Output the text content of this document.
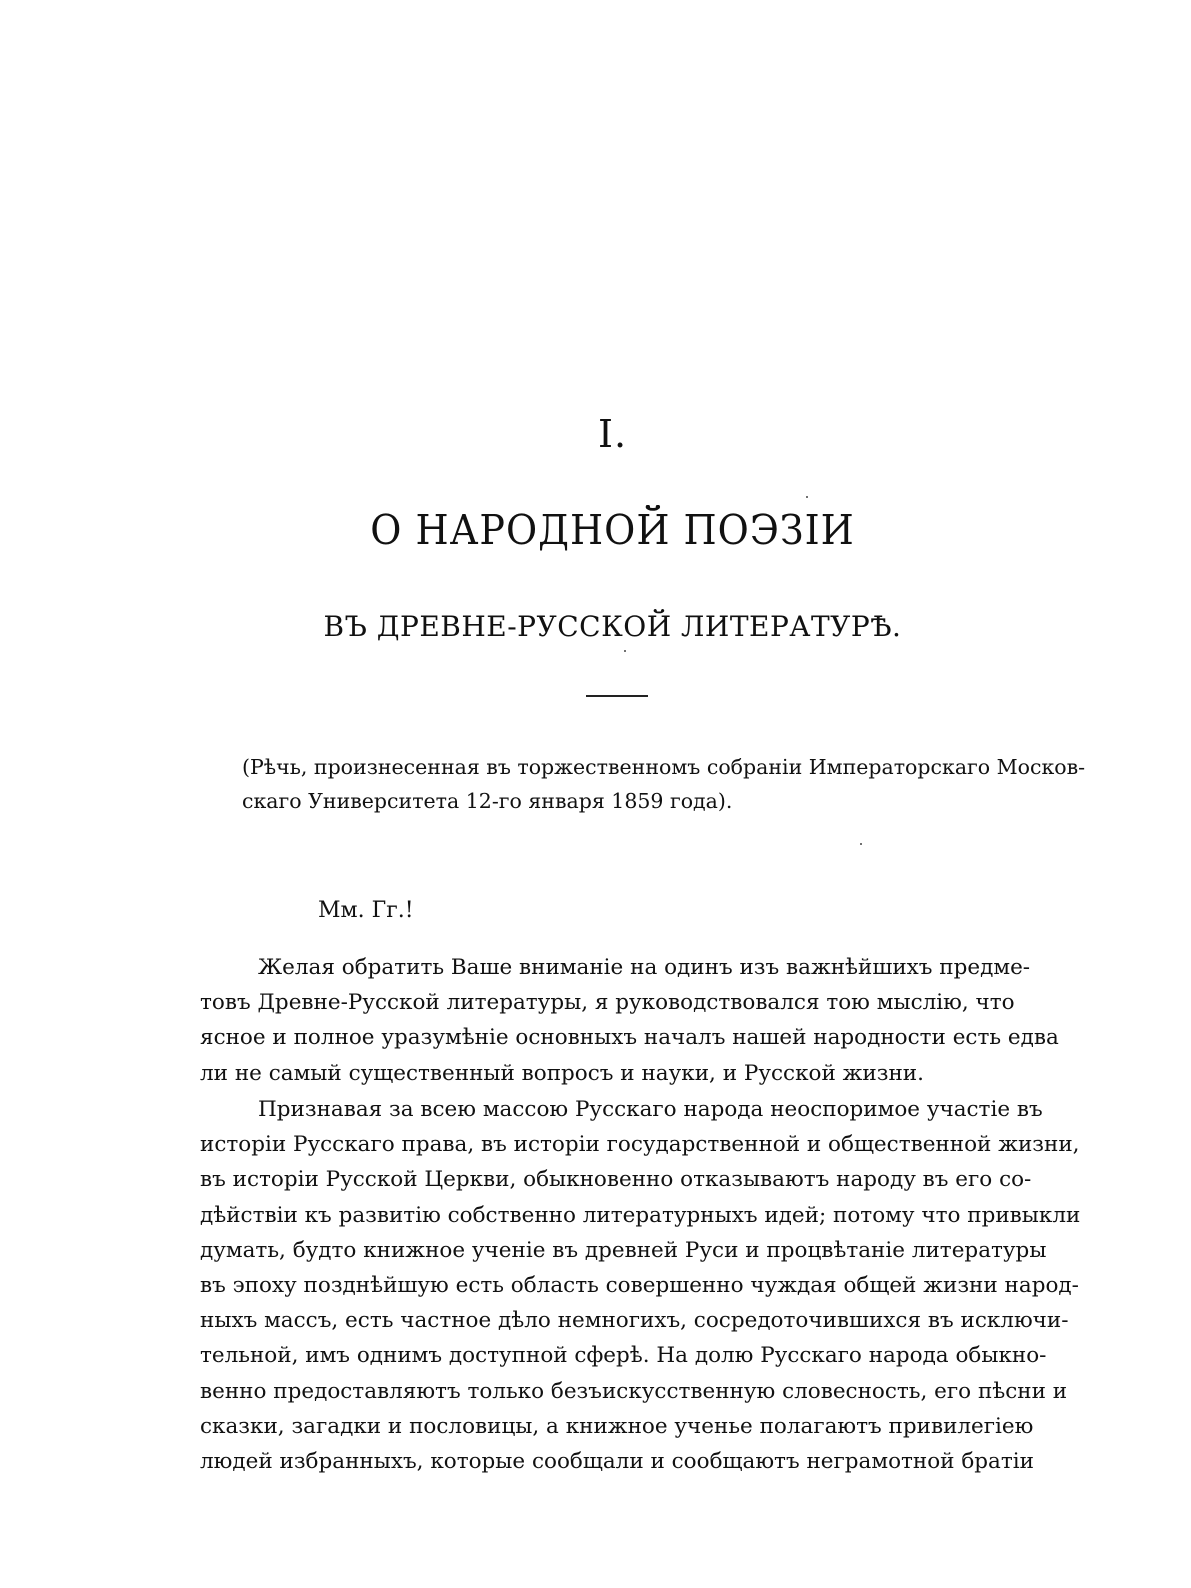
I.
О НАРОДНОЙ ПОЭЗІИ
ВЪ ДРЕВНЕ-РУССКОЙ ЛИТЕРАТУРѢ.
(Рѣчь, произнесенная въ торжественномъ собраніи Императорскаго Москов-
скаго Университета 12-го января 1859 года).
Мм. Гг.!
Желая обратить Ваше вниманіе на одинъ изъ важнѣйшихъ предме-
товъ Древне-Русской литературы, я руководствовался тою мыслію, что
ясное и полное уразумѣніе основныхъ началъ нашей народности есть едва
ли не самый существенный вопросъ и науки, и Русской жизни.
Признавая за всею массою Русскаго народа неоспоримое участіе въ
исторіи Русскаго права, въ исторіи государственной и общественной жизни,
въ исторіи Русской Церкви, обыкновенно отказываютъ народу въ его со-
дѣйствіи къ развитію собственно литературныхъ идей; потому что привыкли
думать, будто книжное ученіе въ древней Руси и процвѣтаніе литературы
въ эпоху позднѣйшую есть область совершенно чуждая общей жизни народ-
ныхъ массъ, есть частное дѣло немногихъ, сосредоточившихся въ исключи-
тельной, имъ однимъ доступной сферѣ. На долю Русскаго народа обыкно-
венно предоставляютъ только безъискусственную словесность, его пѣсни и
сказки, загадки и пословицы, а книжное ученье полагаютъ привилегіею
людей избранныхъ, которые сообщали и сообщаютъ неграмотной братіи
